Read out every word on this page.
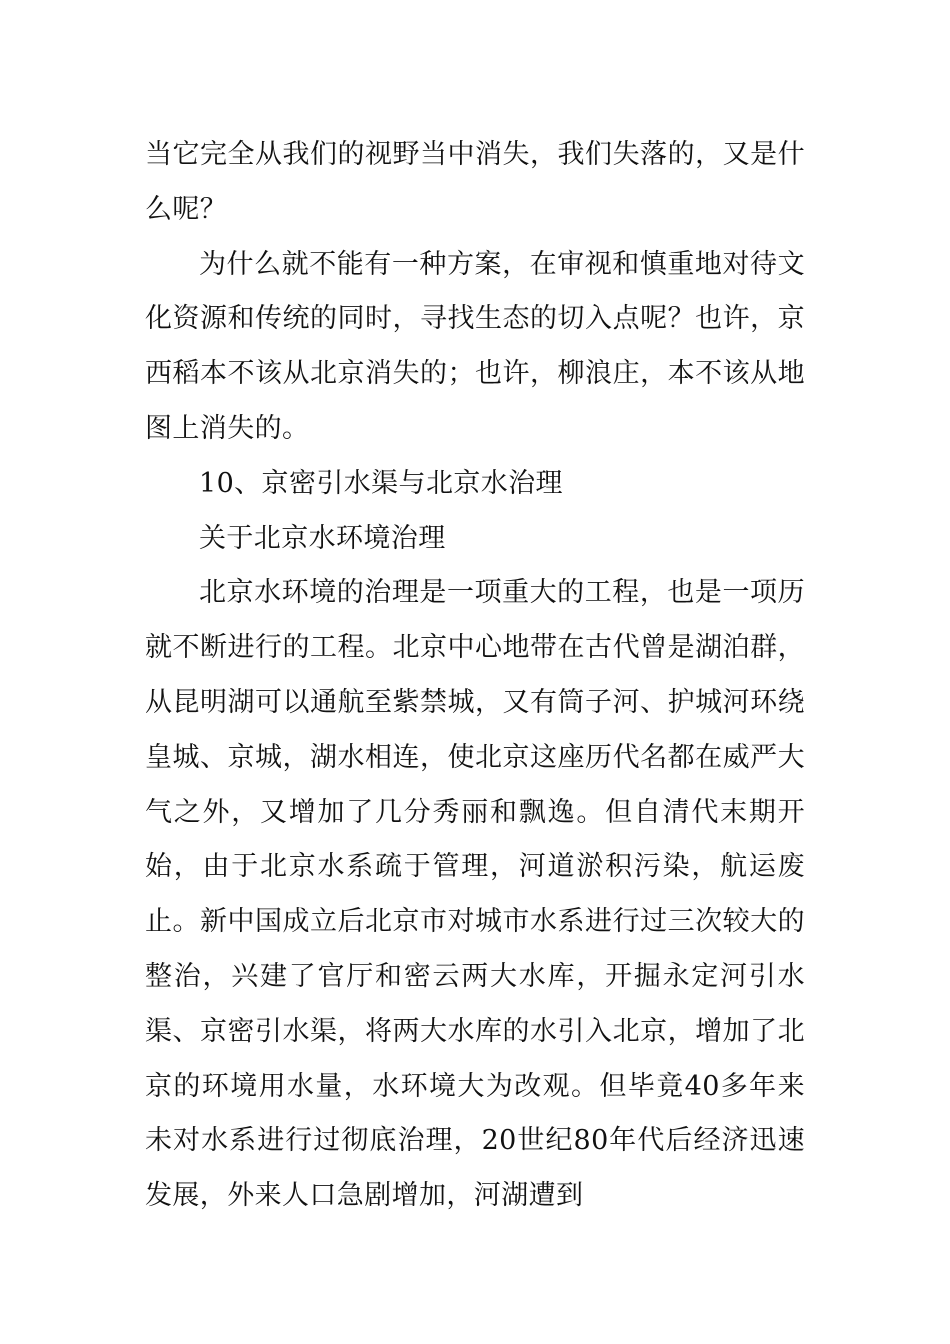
当它完全从我们的视野当中消失，我们失落的，又是什么呢？

为什么就不能有一种方案，在审视和慎重地对待文化资源和传统的同时，寻找生态的切入点呢？也许，京西稻本不该从北京消失的；也许，柳浪庄，本不该从地图上消失的。

10、京密引水渠与北京水治理

关于北京水环境治理

北京水环境的治理是一项重大的工程，也是一项历就不断进行的工程。北京中心地带在古代曾是湖泊群，从昆明湖可以通航至紫禁城，又有筒子河、护城河环绕皇城、京城，湖水相连，使北京这座历代名都在威严大气之外，又增加了几分秀丽和飘逸。但自清代末期开始，由于北京水系疏于管理，河道淤积污染，航运废止。新中国成立后北京市对城市水系进行过三次较大的整治，兴建了官厅和密云两大水库，开掘永定河引水渠、京密引水渠，将两大水库的水引入北京，增加了北京的环境用水量，水环境大为改观。但毕竟40多年来未对水系进行过彻底治理，20世纪80年代后经济迅速发展，外来人口急剧增加，河湖遭到
